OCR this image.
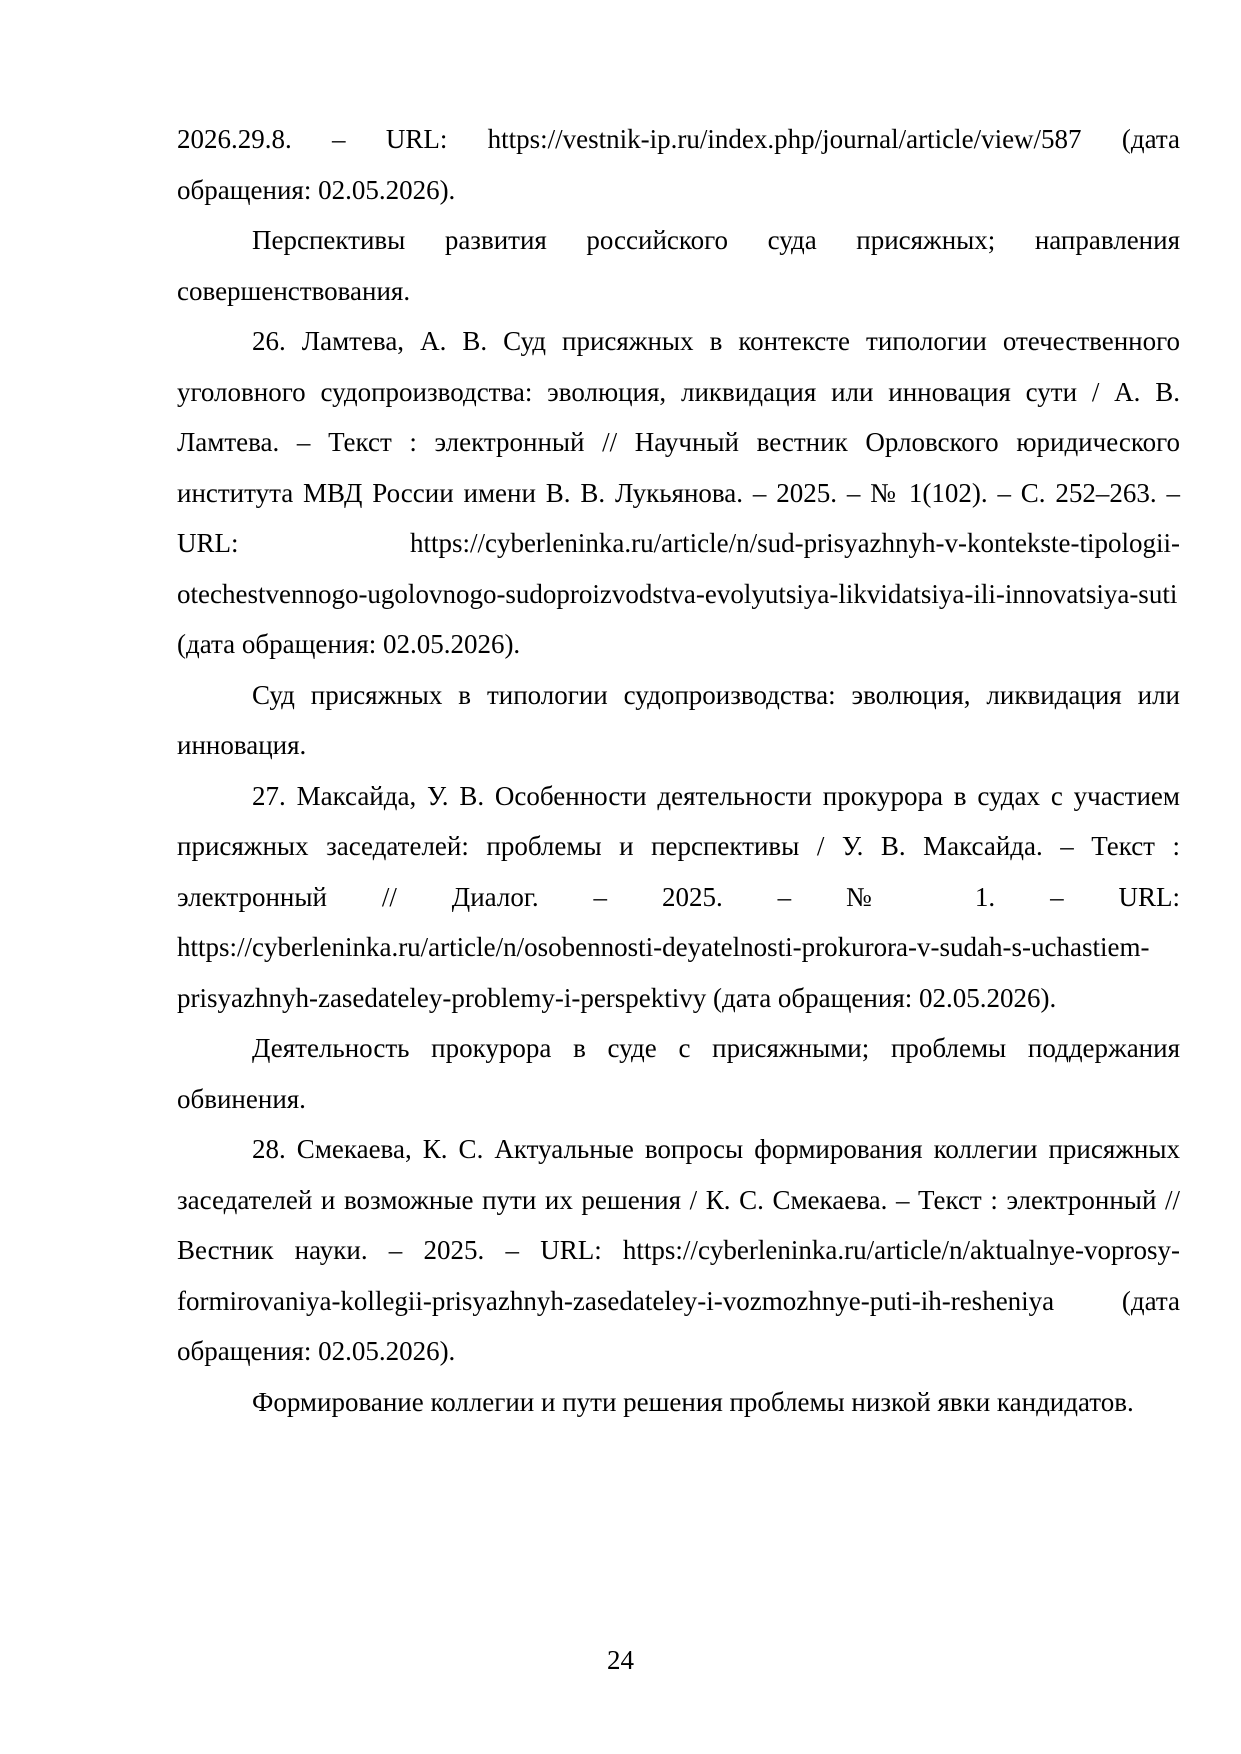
2026.29.8. – URL: https://vestnik-ip.ru/index.php/journal/article/view/587 (дата обращения: 02.05.2026).

Перспективы развития российского суда присяжных; направления совершенствования.

26. Ламтева, А. В. Суд присяжных в контексте типологии отечественного уголовного судопроизводства: эволюция, ликвидация или инновация сути / А. В. Ламтева. – Текст : электронный // Научный вестник Орловского юридического института МВД России имени В. В. Лукьянова. – 2025. – № 1(102). – С. 252–263. – URL: https://cyberleninka.ru/article/n/sud-prisyazhnyh-v-kontekste-tipologii-otechestvennogo-ugolovnogo-sudoproizvodstva-evolyutsiya-likvidatsiya-ili-innovatsiya-suti (дата обращения: 02.05.2026).

Суд присяжных в типологии судопроизводства: эволюция, ликвидация или инновация.

27. Максайда, У. В. Особенности деятельности прокурора в судах с участием присяжных заседателей: проблемы и перспективы / У. В. Максайда. – Текст : электронный // Диалог. – 2025. – № 1. – URL: https://cyberleninka.ru/article/n/osobennosti-deyatelnosti-prokurora-v-sudah-s-uchastiem-prisyazhnyh-zasedateley-problemy-i-perspektivy (дата обращения: 02.05.2026).

Деятельность прокурора в суде с присяжными; проблемы поддержания обвинения.

28. Смекаева, К. С. Актуальные вопросы формирования коллегии присяжных заседателей и возможные пути их решения / К. С. Смекаева. – Текст : электронный // Вестник науки. – 2025. – URL: https://cyberleninka.ru/article/n/aktualnye-voprosy-formirovaniya-kollegii-prisyazhnyh-zasedateley-i-vozmozhnye-puti-ih-resheniya (дата обращения: 02.05.2026).

Формирование коллегии и пути решения проблемы низкой явки кандидатов.

24
